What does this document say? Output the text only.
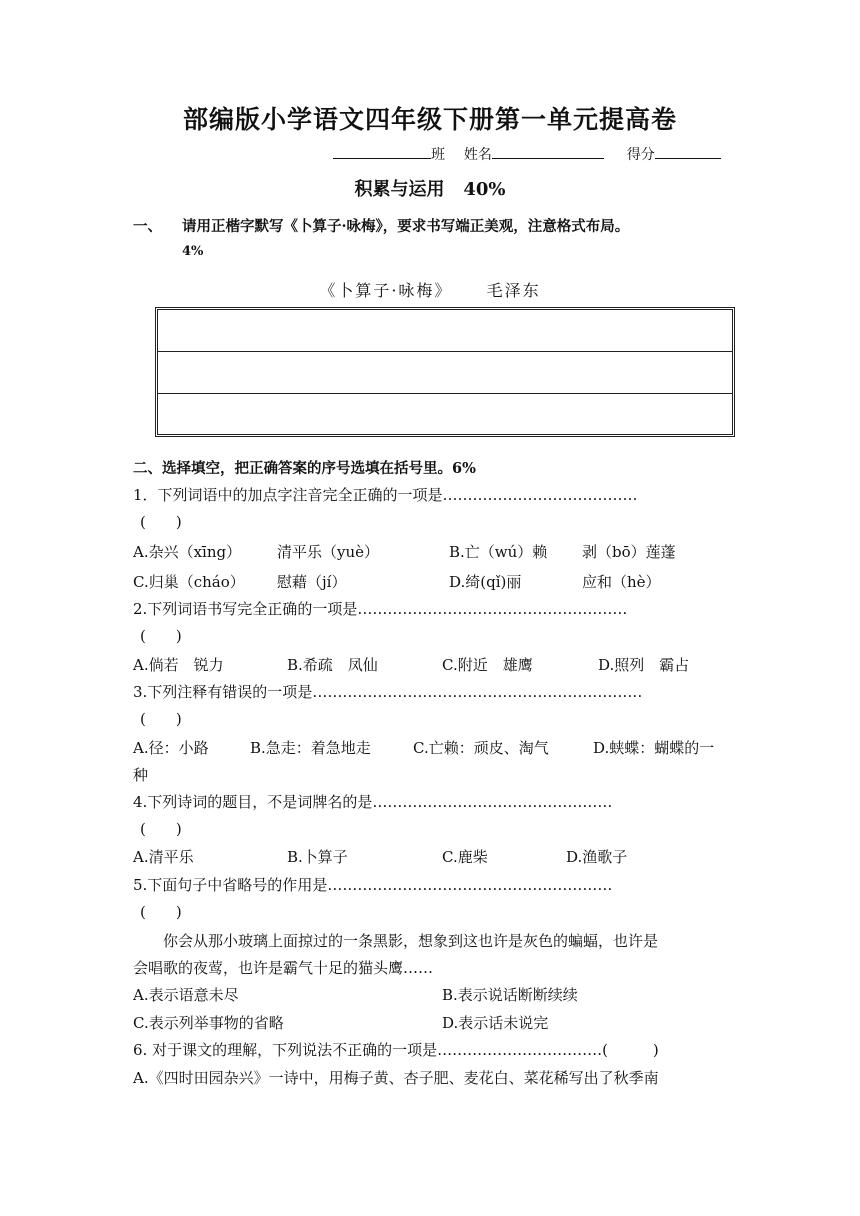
部编版小学语文四年级下册第一单元提高卷
班 姓名	得分
积累与运用 40%
一、 请用正楷字默写《卜算子·咏梅》，要求书写端正美观，注意格式布局。
4%
《卜算子·咏梅》 毛泽东
二、选择填空，把正确答案的序号选填在括号里。6%
1．下列词语中的加点字注音完全正确的一项是…………………………………
(　　)
A.杂兴（xīng） 清平乐（yuè）	B.亡（wú）赖 剥（bō）莲蓬
C.归巢（cháo） 慰藉（jí）	D.绮(qǐ)丽	应和（hè）
2.下列词语书写完全正确的一项是………………………………………………
(　　)
A.倘若　锐力	B.希疏　凤仙	C.附近　雄鹰	D.照列　霸占
3.下列注释有错误的一项是…………………………………………………………
(　　)
A.径：小路	B.急走：着急地走	C.亡赖：顽皮、淘气	D.蛱蝶：蝴蝶的一
种
4.下列诗词的题目，不是词牌名的是…………………………………………
(　　)
A.清平乐	B.卜算子	C.鹿柴	D.渔歌子
5.下面句子中省略号的作用是…………………………………………………
(　　)
你会从那小玻璃上面掠过的一条黑影，想象到这也许是灰色的蝙蝠，也许是
会唱歌的夜莺，也许是霸气十足的猫头鹰……
A.表示语意未尽	B.表示说话断断续续
C.表示列举事物的省略	D.表示话未说完
6. 对于课文的理解，下列说法不正确的一项是……………………………(　　　)
A.《四时田园杂兴》一诗中，用梅子黄、杏子肥、麦花白、菜花稀写出了秋季南
